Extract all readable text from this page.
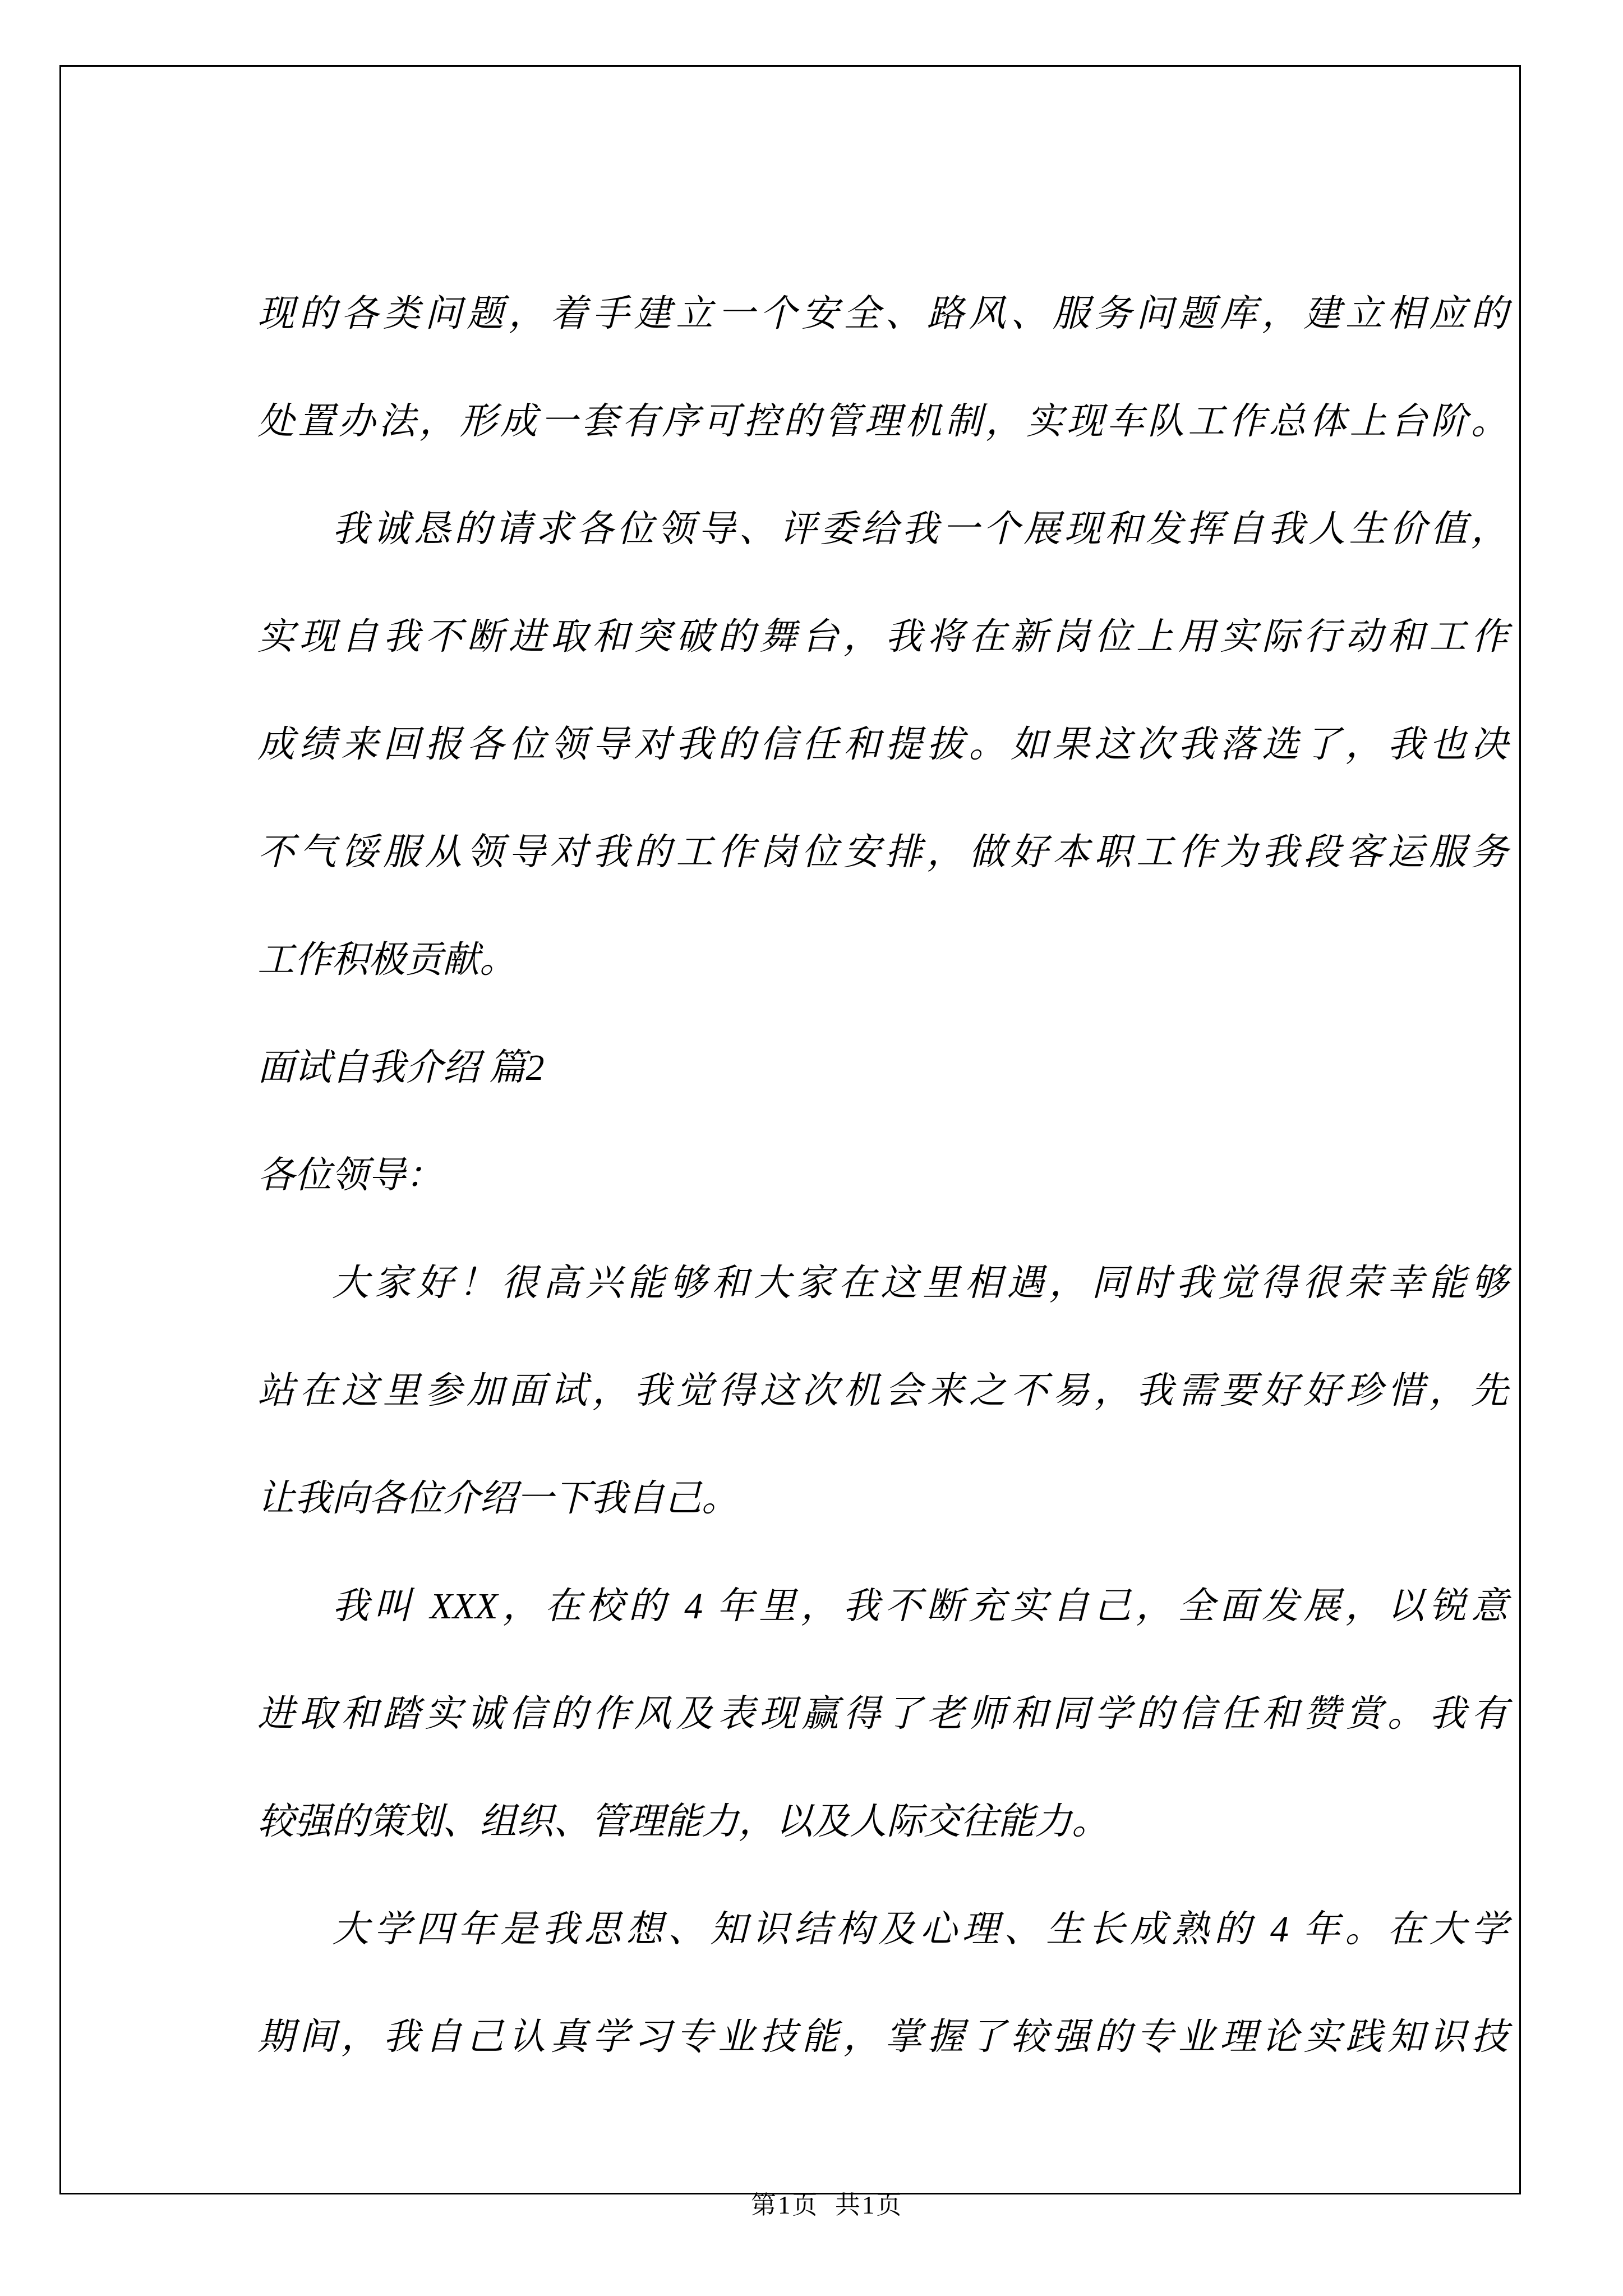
现的各类问题，着手建立一个安全、路风、服务问题库，建立相应的
处置办法，形成一套有序可控的管理机制，实现车队工作总体上台阶。
我诚恳的请求各位领导、评委给我一个展现和发挥自我人生价值，
实现自我不断进取和突破的舞台，我将在新岗位上用实际行动和工作
成绩来回报各位领导对我的信任和提拔。如果这次我落选了，我也决
不气馁服从领导对我的工作岗位安排，做好本职工作为我段客运服务
工作积极贡献。
面试自我介绍 篇2
各位领导：
大家好！很高兴能够和大家在这里相遇，同时我觉得很荣幸能够
站在这里参加面试，我觉得这次机会来之不易，我需要好好珍惜，先
让我向各位介绍一下我自己。
我叫 XXX，在校的 4 年里，我不断充实自己，全面发展，以锐意
进取和踏实诚信的作风及表现赢得了老师和同学的信任和赞赏。我有
较强的策划、组织、管理能力，以及人际交往能力。
大学四年是我思想、知识结构及心理、生长成熟的 4 年。在大学
期间，我自己认真学习专业技能，掌握了较强的专业理论实践知识技
第1页  共1页
